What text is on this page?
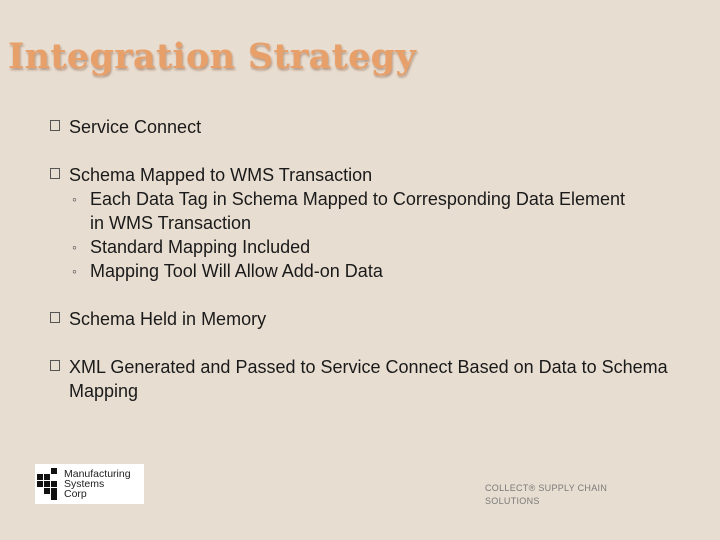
Integration Strategy
Service Connect
Schema Mapped to WMS Transaction
◦ Each Data Tag in Schema Mapped to Corresponding Data Element in WMS Transaction
◦ Standard Mapping Included
◦ Mapping Tool Will Allow Add-on Data
Schema Held in Memory
XML Generated and Passed to Service Connect Based on Data to Schema Mapping
Manufacturing
Systems
Corp	COLLECT® SUPPLY CHAIN SOLUTIONS
